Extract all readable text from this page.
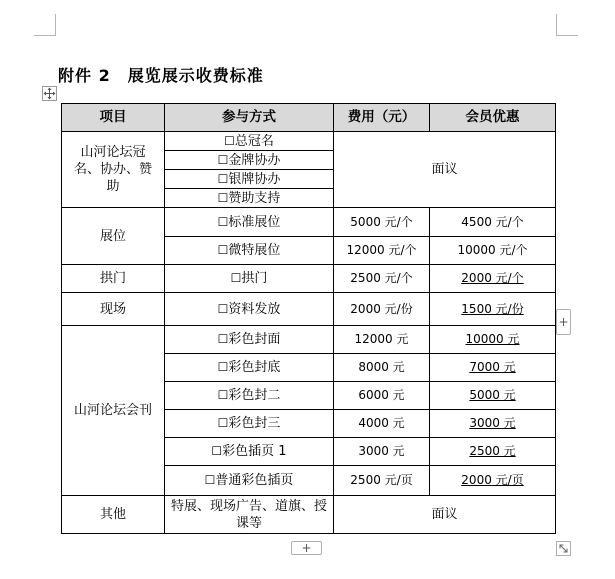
附件 2　展览展示收费标准
项目	参与方式	费用（元）	会员优惠
山河论坛冠名、协办、赞助	☐ 总冠名	面议	
☐ 金牌协办
☐ 银牌协办
☐ 赞助支持
展位	☐ 标准展位	5000 元/个	4500 元/个
☐ 微特展位	12000 元/个	10000 元/个
拱门	☐拱门	2500 元/个	2000 元/个
现场	☐资料发放	2000 元/份	1500 元/份
山河论坛会刊	☐ 彩色封面	12000 元	10000 元
☐ 彩色封底	8000 元	7000 元
☐ 彩色封二	6000 元	5000 元
☐ 彩色封三	4000 元	3000 元
☐ 彩色插页 1	3000 元	2500 元
☐ 普通彩色插页	2500 元/页	2000 元/页
其他	特展、现场广告、道旗、授课等	面议	
+
+
